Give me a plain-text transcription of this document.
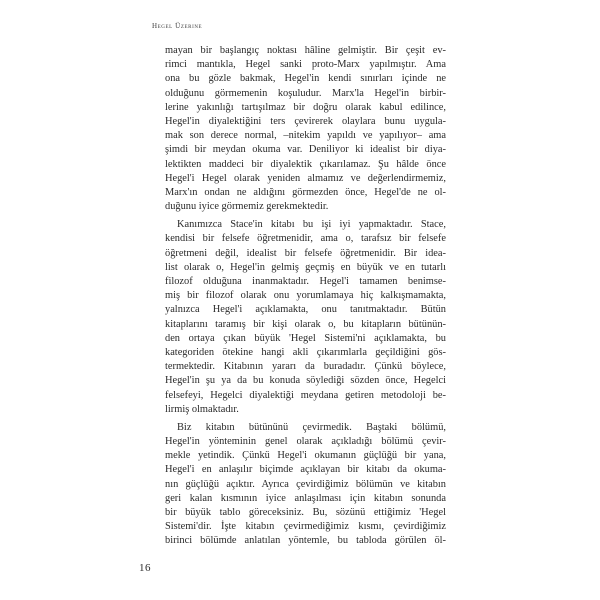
Hegel Üzerine
mayan bir başlangıç noktası hâline gelmiştir. Bir çeşit ev-
rimci mantıkla, Hegel sanki proto-Marx yapılmıştır. Ama
ona bu gözle bakmak, Hegel'in kendi sınırları içinde ne
olduğunu görmemenin koşuludur. Marx'la Hegel'in birbir-
lerine yakınlığı tartışılmaz bir doğru olarak kabul edilince,
Hegel'in diyalektiğini ters çevirerek olaylara bunu uygula-
mak son derece normal, –nitekim yapıldı ve yapılıyor– ama
şimdi bir meydan okuma var. Deniliyor ki idealist bir diya-
lektikten maddeci bir diyalektik çıkarılamaz. Şu hâlde önce
Hegel'i Hegel olarak yeniden almamız ve değerlendirmemiz,
Marx'ın ondan ne aldığını görmezden önce, Hegel'de ne ol-
duğunu iyice görmemiz gerekmektedir.
Kanımızca Stace'in kitabı bu işi iyi yapmaktadır. Stace,
kendisi bir felsefe öğretmenidir, ama o, tarafsız bir felsefe
öğretmeni değil, idealist bir felsefe öğretmenidir. Bir idea-
list olarak o, Hegel'in gelmiş geçmiş en büyük ve en tutarlı
filozof olduğuna inanmaktadır. Hegel'i tamamen benimse-
miş bir filozof olarak onu yorumlamaya hiç kalkışmamakta,
yalnızca Hegel'i açıklamakta, onu tanıtmaktadır. Bütün
kitaplarını taramış bir kişi olarak o, bu kitapların bütünün-
den ortaya çıkan büyük 'Hegel Sistemi'ni açıklamakta, bu
kategoriden ötekine hangi akli çıkarımlarla geçildiğini gös-
termektedir. Kitabının yararı da buradadır. Çünkü böylece,
Hegel'in şu ya da bu konuda söylediği sözden önce, Hegelci
felsefeyi, Hegelci diyalektiği meydana getiren metodoloji be-
lirmiş olmaktadır.
Biz kitabın bütününü çevirmedik. Baştaki bölümü,
Hegel'in yönteminin genel olarak açıkladığı bölümü çevir-
mekle yetindik. Çünkü Hegel'i okumanın güçlüğü bir yana,
Hegel'i en anlaşılır biçimde açıklayan bir kitabı da okuma-
nın güçlüğü açıktır. Ayrıca çevirdiğimiz bölümün ve kitabın
geri kalan kısmının iyice anlaşılması için kitabın sonunda
bir büyük tablo göreceksiniz. Bu, sözünü ettiğimiz 'Hegel
Sistemi'dir. İşte kitabın çevirmediğimiz kısmı, çevirdiğimiz
birinci bölümde anlatılan yöntemle, bu tabloda görülen öl-
16
